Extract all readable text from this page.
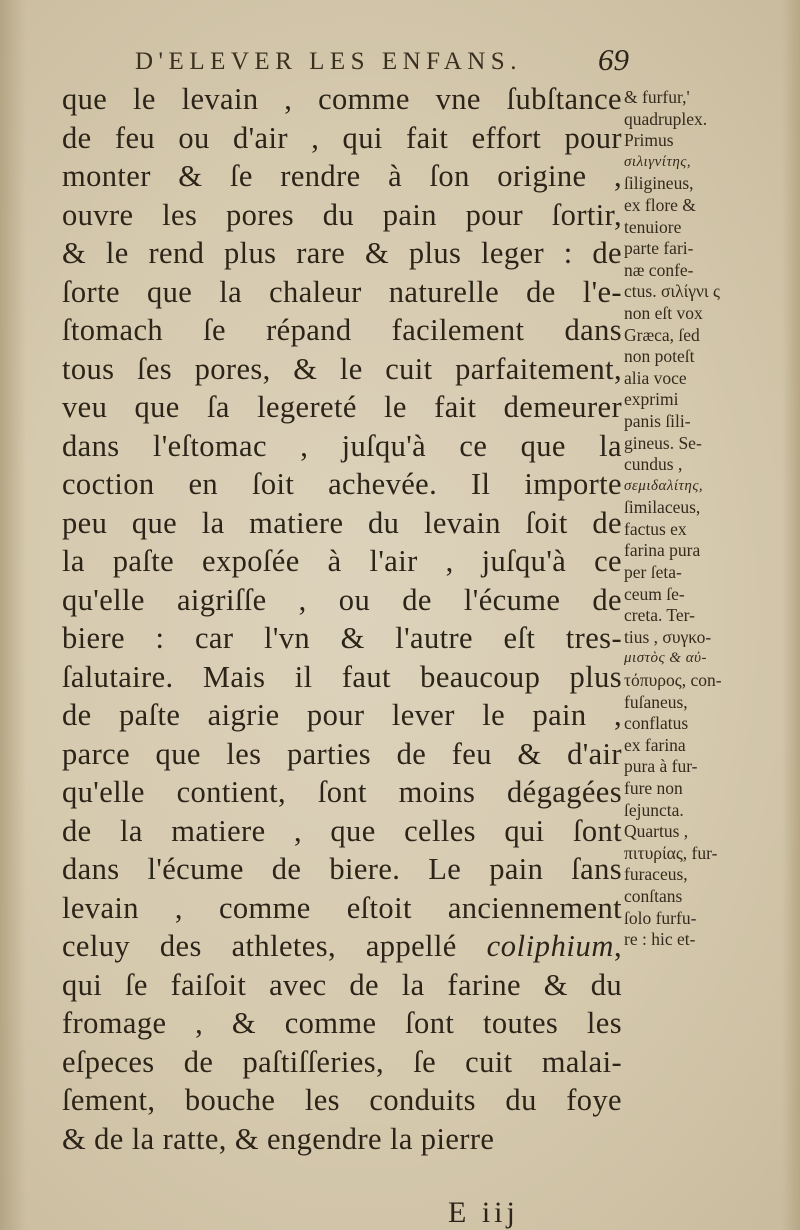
D'ELEVER LES ENFANS. 69
que le levain , comme vne ſubſtance
de feu ou d'air , qui fait effort pour
monter & ſe rendre à ſon origine ,
ouvre les pores du pain pour ſortir,
& le rend plus rare & plus leger : de
ſorte que la chaleur naturelle de l'e-
ſtomach ſe répand facilement dans
tous ſes pores, & le cuit parfaitement,
veu que ſa legereté le fait demeurer
dans l'eſtomac , juſqu'à ce que la
coction en ſoit achevée. Il importe
peu que la matiere du levain ſoit de
la paſte expoſée à l'air , juſqu'à ce
qu'elle aigriſſe , ou de l'écume de
biere : car l'vn & l'autre eſt tres-
ſalutaire. Mais il faut beaucoup plus
de paſte aigrie pour lever le pain ,
parce que les parties de feu & d'air
qu'elle contient, ſont moins dégagées
de la matiere , que celles qui ſont
dans l'écume de biere. Le pain ſans
levain , comme eſtoit anciennement
celuy des athletes, appellé coliphium,
qui ſe faiſoit avec de la farine & du
fromage , & comme ſont toutes les
eſpeces de paſtiſſeries, ſe cuit malai-
ſement, bouche les conduits du foye
& de la ratte, & engendre la pierre
& furfur,'
quadruplex.
Primus
σιλιγνίτης,
ſiligineus,
ex flore &
tenuiore
parte fari-
næ confe-
ctus. σιλίγνι ς
non eſt vox
Græca, ſed
non poteſt
alia voce
exprimi
panis ſili-
gineus. Se-
cundus ,
σεμιδαλίτης,
ſimilaceus,
factus ex
farina pura
per ſeta-
ceum ſe-
creta. Ter-
tius , συγκο-
μιστὸς & αὐ-
τόπυρος, con-
fuſaneus,
conflatus
ex farina
pura à fur-
fure non
ſejuncta.
Quartus ,
πιτυρίας, fur-
furaceus,
conſtans
ſolo furfu-
re : hic et-
E iij
